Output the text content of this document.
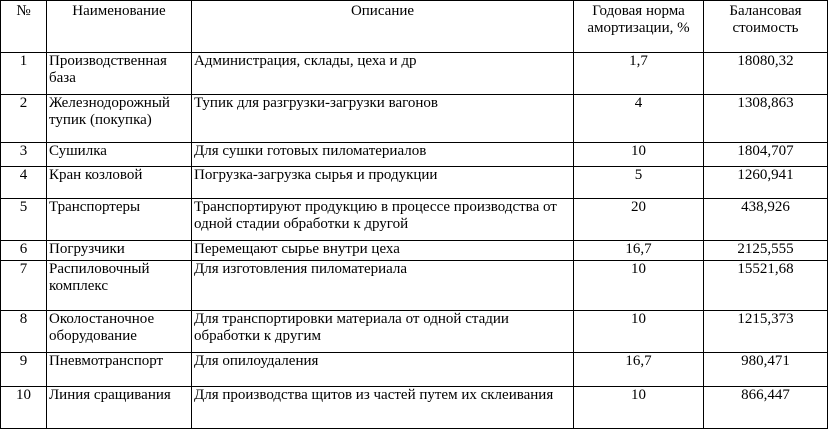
№	Наименование	Описание	Годовая норма амортизации, %	Балансовая стоимость
1	Производственная база	Администрация, склады, цеха и др	1,7	18080,32
2	Железнодорожный тупик (покупка)	Тупик для разгрузки-загрузки вагонов	4	1308,863
3	Сушилка	Для сушки готовых пиломатериалов	10	1804,707
4	Кран козловой	Погрузка-загрузка сырья и продукции	5	1260,941
5	Транспортеры	Транспортируют продукцию в процессе производства от одной стадии обработки к другой	20	438,926
6	Погрузчики	Перемещают сырье внутри цеха	16,7	2125,555
7	Распиловочный комплекс	Для изготовления пиломатериала	10	15521,68
8	Околостаночное оборудование	Для транспортировки материала от одной стадии обработки к другим	10	1215,373
9	Пневмотранспорт	Для опилоудаления	16,7	980,471
10	Линия сращивания	Для производства щитов из частей путем их склеивания	10	866,447
